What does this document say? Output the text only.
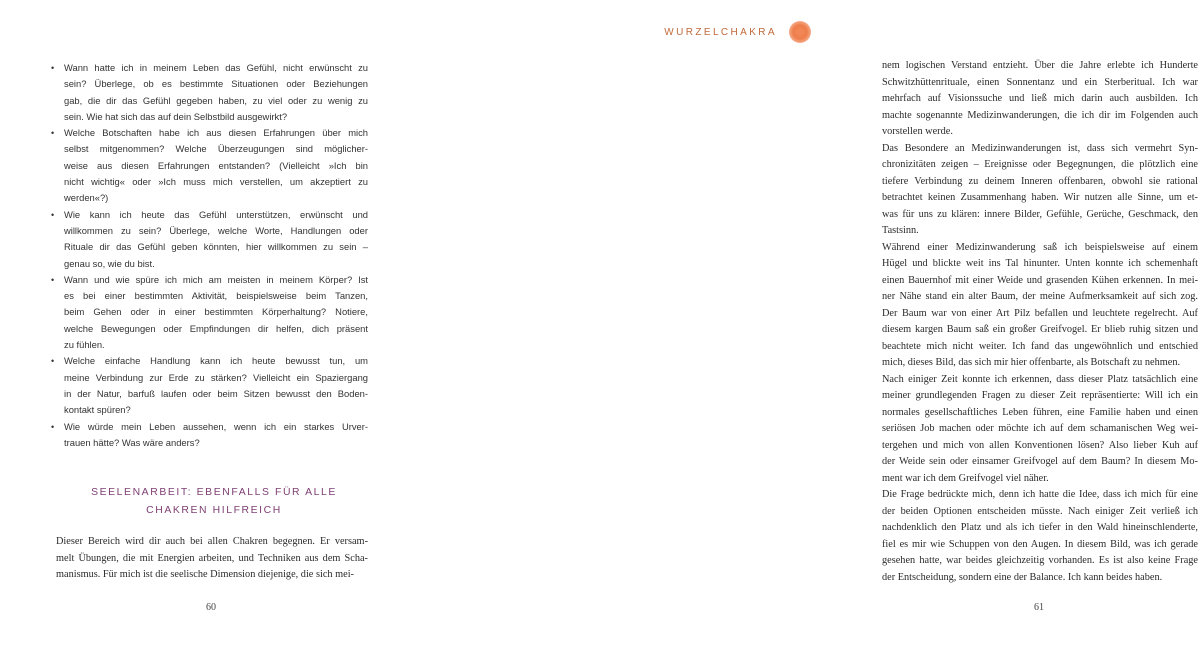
• Wann hatte ich in meinem Leben das Gefühl, nicht erwünscht zu
sein? Überlege, ob es bestimmte Situationen oder Beziehungen
gab, die dir das Gefühl gegeben haben, zu viel oder zu wenig zu
sein. Wie hat sich das auf dein Selbstbild ausgewirkt?
• Welche Botschaften habe ich aus diesen Erfahrungen über mich
selbst mitgenommen? Welche Überzeugungen sind möglicher-
weise aus diesen Erfahrungen entstanden? (Vielleicht »Ich bin
nicht wichtig« oder »Ich muss mich verstellen, um akzeptiert zu
werden«?)
• Wie kann ich heute das Gefühl unterstützen, erwünscht und
willkommen zu sein? Überlege, welche Worte, Handlungen oder
Rituale dir das Gefühl geben könnten, hier willkommen zu sein –
genau so, wie du bist.
• Wann und wie spüre ich mich am meisten in meinem Körper? Ist
es bei einer bestimmten Aktivität, beispielsweise beim Tanzen,
beim Gehen oder in einer bestimmten Körperhaltung? Notiere,
welche Bewegungen oder Empfindungen dir helfen, dich präsent
zu fühlen.
• Welche einfache Handlung kann ich heute bewusst tun, um
meine Verbindung zur Erde zu stärken? Vielleicht ein Spaziergang
in der Natur, barfuß laufen oder beim Sitzen bewusst den Boden-
kontakt spüren?
• Wie würde mein Leben aussehen, wenn ich ein starkes Urver-
trauen hätte? Was wäre anders?
SEELENARBEIT: EBENFALLS FÜR ALLE
CHAKREN HILFREICH

Dieser Bereich wird dir auch bei allen Chakren begegnen. Er versam-
melt Übungen, die mit Energien arbeiten, und Techniken aus dem Scha-
manismus. Für mich ist die seelische Dimension diejenige, die sich mei-

60
WURZELCHAKRA

nem logischen Verstand entzieht. Über die Jahre erlebte ich Hunderte
Schwitzhüttenrituale, einen Sonnentanz und ein Sterberitual. Ich war
mehrfach auf Visionssuche und ließ mich darin auch ausbilden. Ich
machte sogenannte Medizinwanderungen, die ich dir im Folgenden auch
vorstellen werde.

Das Besondere an Medizinwanderungen ist, dass sich vermehrt Syn-
chronizitäten zeigen – Ereignisse oder Begegnungen, die plötzlich eine
tiefere Verbindung zu deinem Inneren offenbaren, obwohl sie rational
betrachtet keinen Zusammenhang haben. Wir nutzen alle Sinne, um et-
was für uns zu klären: innere Bilder, Gefühle, Gerüche, Geschmack, den
Tastsinn.

Während einer Medizinwanderung saß ich beispielsweise auf einem
Hügel und blickte weit ins Tal hinunter. Unten konnte ich schemenhaft
einen Bauernhof mit einer Weide und grasenden Kühen erkennen. In mei-
ner Nähe stand ein alter Baum, der meine Aufmerksamkeit auf sich zog.
Der Baum war von einer Art Pilz befallen und leuchtete regelrecht. Auf
diesem kargen Baum saß ein großer Greifvogel. Er blieb ruhig sitzen und
beachtete mich nicht weiter. Ich fand das ungewöhnlich und entschied
mich, dieses Bild, das sich mir hier offenbarte, als Botschaft zu nehmen.

Nach einiger Zeit konnte ich erkennen, dass dieser Platz tatsächlich eine
meiner grundlegenden Fragen zu dieser Zeit repräsentierte: Will ich ein
normales gesellschaftliches Leben führen, eine Familie haben und einen
seriösen Job machen oder möchte ich auf dem schamanischen Weg wei-
tergehen und mich von allen Konventionen lösen? Also lieber Kuh auf
der Weide sein oder einsamer Greifvogel auf dem Baum? In diesem Mo-
ment war ich dem Greifvogel viel näher.

Die Frage bedrückte mich, denn ich hatte die Idee, dass ich mich für eine
der beiden Optionen entscheiden müsste. Nach einiger Zeit verließ ich
nachdenklich den Platz und als ich tiefer in den Wald hineinschlenderte,
fiel es mir wie Schuppen von den Augen. In diesem Bild, was ich gerade
gesehen hatte, war beides gleichzeitig vorhanden. Es ist also keine Frage
der Entscheidung, sondern eine der Balance. Ich kann beides haben.

61
